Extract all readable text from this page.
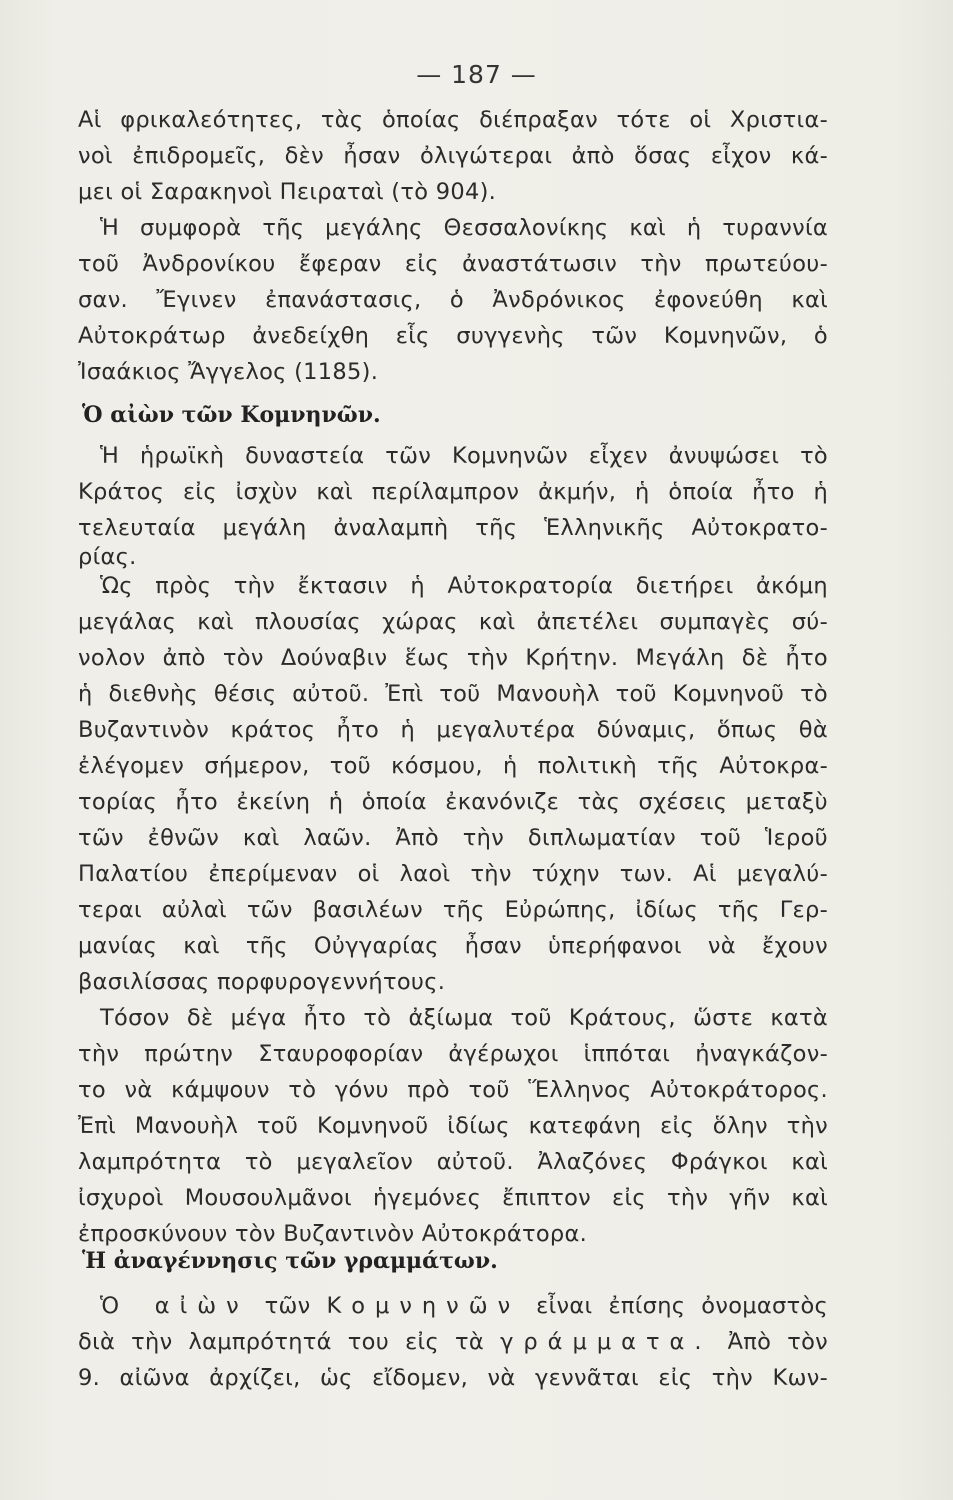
— 187 —
Αἱ φρικαλεότητες, τὰς ὁποίας διέπραξαν τότε οἱ Χριστια-
νοὶ ἐπιδρομεῖς, δὲν ἦσαν ὀλιγώτεραι ἀπὸ ὅσας εἶχον κά-
μει οἱ Σαρακηνοὶ Πειραταὶ (τὸ 904).
Ἡ συμφορὰ τῆς μεγάλης Θεσσαλονίκης καὶ ἡ τυραννία
τοῦ Ἀνδρονίκου ἔφεραν εἰς ἀναστάτωσιν τὴν πρωτεύου-
σαν. Ἔγινεν ἐπανάστασις, ὁ Ἀνδρόνικος ἐφονεύθη καὶ
Αὐτοκράτωρ ἀνεδείχθη εἷς συγγενὴς τῶν Κομνηνῶν, ὁ
Ἰσαάκιος Ἄγγελος (1185).
Ὁ αἰὼν τῶν Κομνηνῶν.
Ἡ ἡρωϊκὴ δυναστεία τῶν Κομνηνῶν εἶχεν ἀνυψώσει τὸ
Κράτος εἰς ἰσχὺν καὶ περίλαμπρον ἀκμήν, ἡ ὁποία ἦτο ἡ
τελευταία μεγάλη ἀναλαμπὴ τῆς Ἑλληνικῆς Αὐτοκρατο-
ρίας.
Ὡς πρὸς τὴν ἔκτασιν ἡ Αὐτοκρατορία διετήρει ἀκόμη
μεγάλας καὶ πλουσίας χώρας καὶ ἀπετέλει συμπαγὲς σύ-
νολον ἀπὸ τὸν Δούναβιν ἕως τὴν Κρήτην. Μεγάλη δὲ ἦτο
ἡ διεθνὴς θέσις αὐτοῦ. Ἐπὶ τοῦ Μανουὴλ τοῦ Κομνηνοῦ τὸ
Βυζαντινὸν κράτος ἦτο ἡ μεγαλυτέρα δύναμις, ὅπως θὰ
ἐλέγομεν σήμερον, τοῦ κόσμου, ἡ πολιτικὴ τῆς Αὐτοκρα-
τορίας ἦτο ἐκείνη ἡ ὁποία ἐκανόνιζε τὰς σχέσεις μεταξὺ
τῶν ἐθνῶν καὶ λαῶν. Ἀπὸ τὴν διπλωματίαν τοῦ Ἱεροῦ
Παλατίου ἐπερίμεναν οἱ λαοὶ τὴν τύχην των. Αἱ μεγαλύ-
τεραι αὐλαὶ τῶν βασιλέων τῆς Εὐρώπης, ἰδίως τῆς Γερ-
μανίας καὶ τῆς Οὐγγαρίας ἦσαν ὑπερήφανοι νὰ ἔχουν
βασιλίσσας πορφυρογεννήτους.
Τόσον δὲ μέγα ἦτο τὸ ἀξίωμα τοῦ Κράτους, ὥστε κατὰ
τὴν πρώτην Σταυροφορίαν ἀγέρωχοι ἱππόται ἠναγκάζον-
το νὰ κάμψουν τὸ γόνυ πρὸ τοῦ Ἕλληνος Αὐτοκράτορος.
Ἐπὶ Μανουὴλ τοῦ Κομνηνοῦ ἰδίως κατεφάνη εἰς ὅλην τὴν
λαμπρότητα τὸ μεγαλεῖον αὐτοῦ. Ἀλαζόνες Φράγκοι καὶ
ἰσχυροὶ Μουσουλμᾶνοι ἡγεμόνες ἔπιπτον εἰς τὴν γῆν καὶ
ἐπροσκύνουν τὸν Βυζαντινὸν Αὐτοκράτορα.
Ἡ ἀναγέννησις τῶν γραμμάτων.
Ὁ αἰὼν τῶν Κομνηνῶν εἶναι ἐπίσης ὀνομαστὸς
διὰ τὴν λαμπρότητά του εἰς τὰ γράμματα. Ἀπὸ τὸν
9. αἰῶνα ἀρχίζει, ὡς εἴδομεν, νὰ γεννᾶται εἰς τὴν Κων-
